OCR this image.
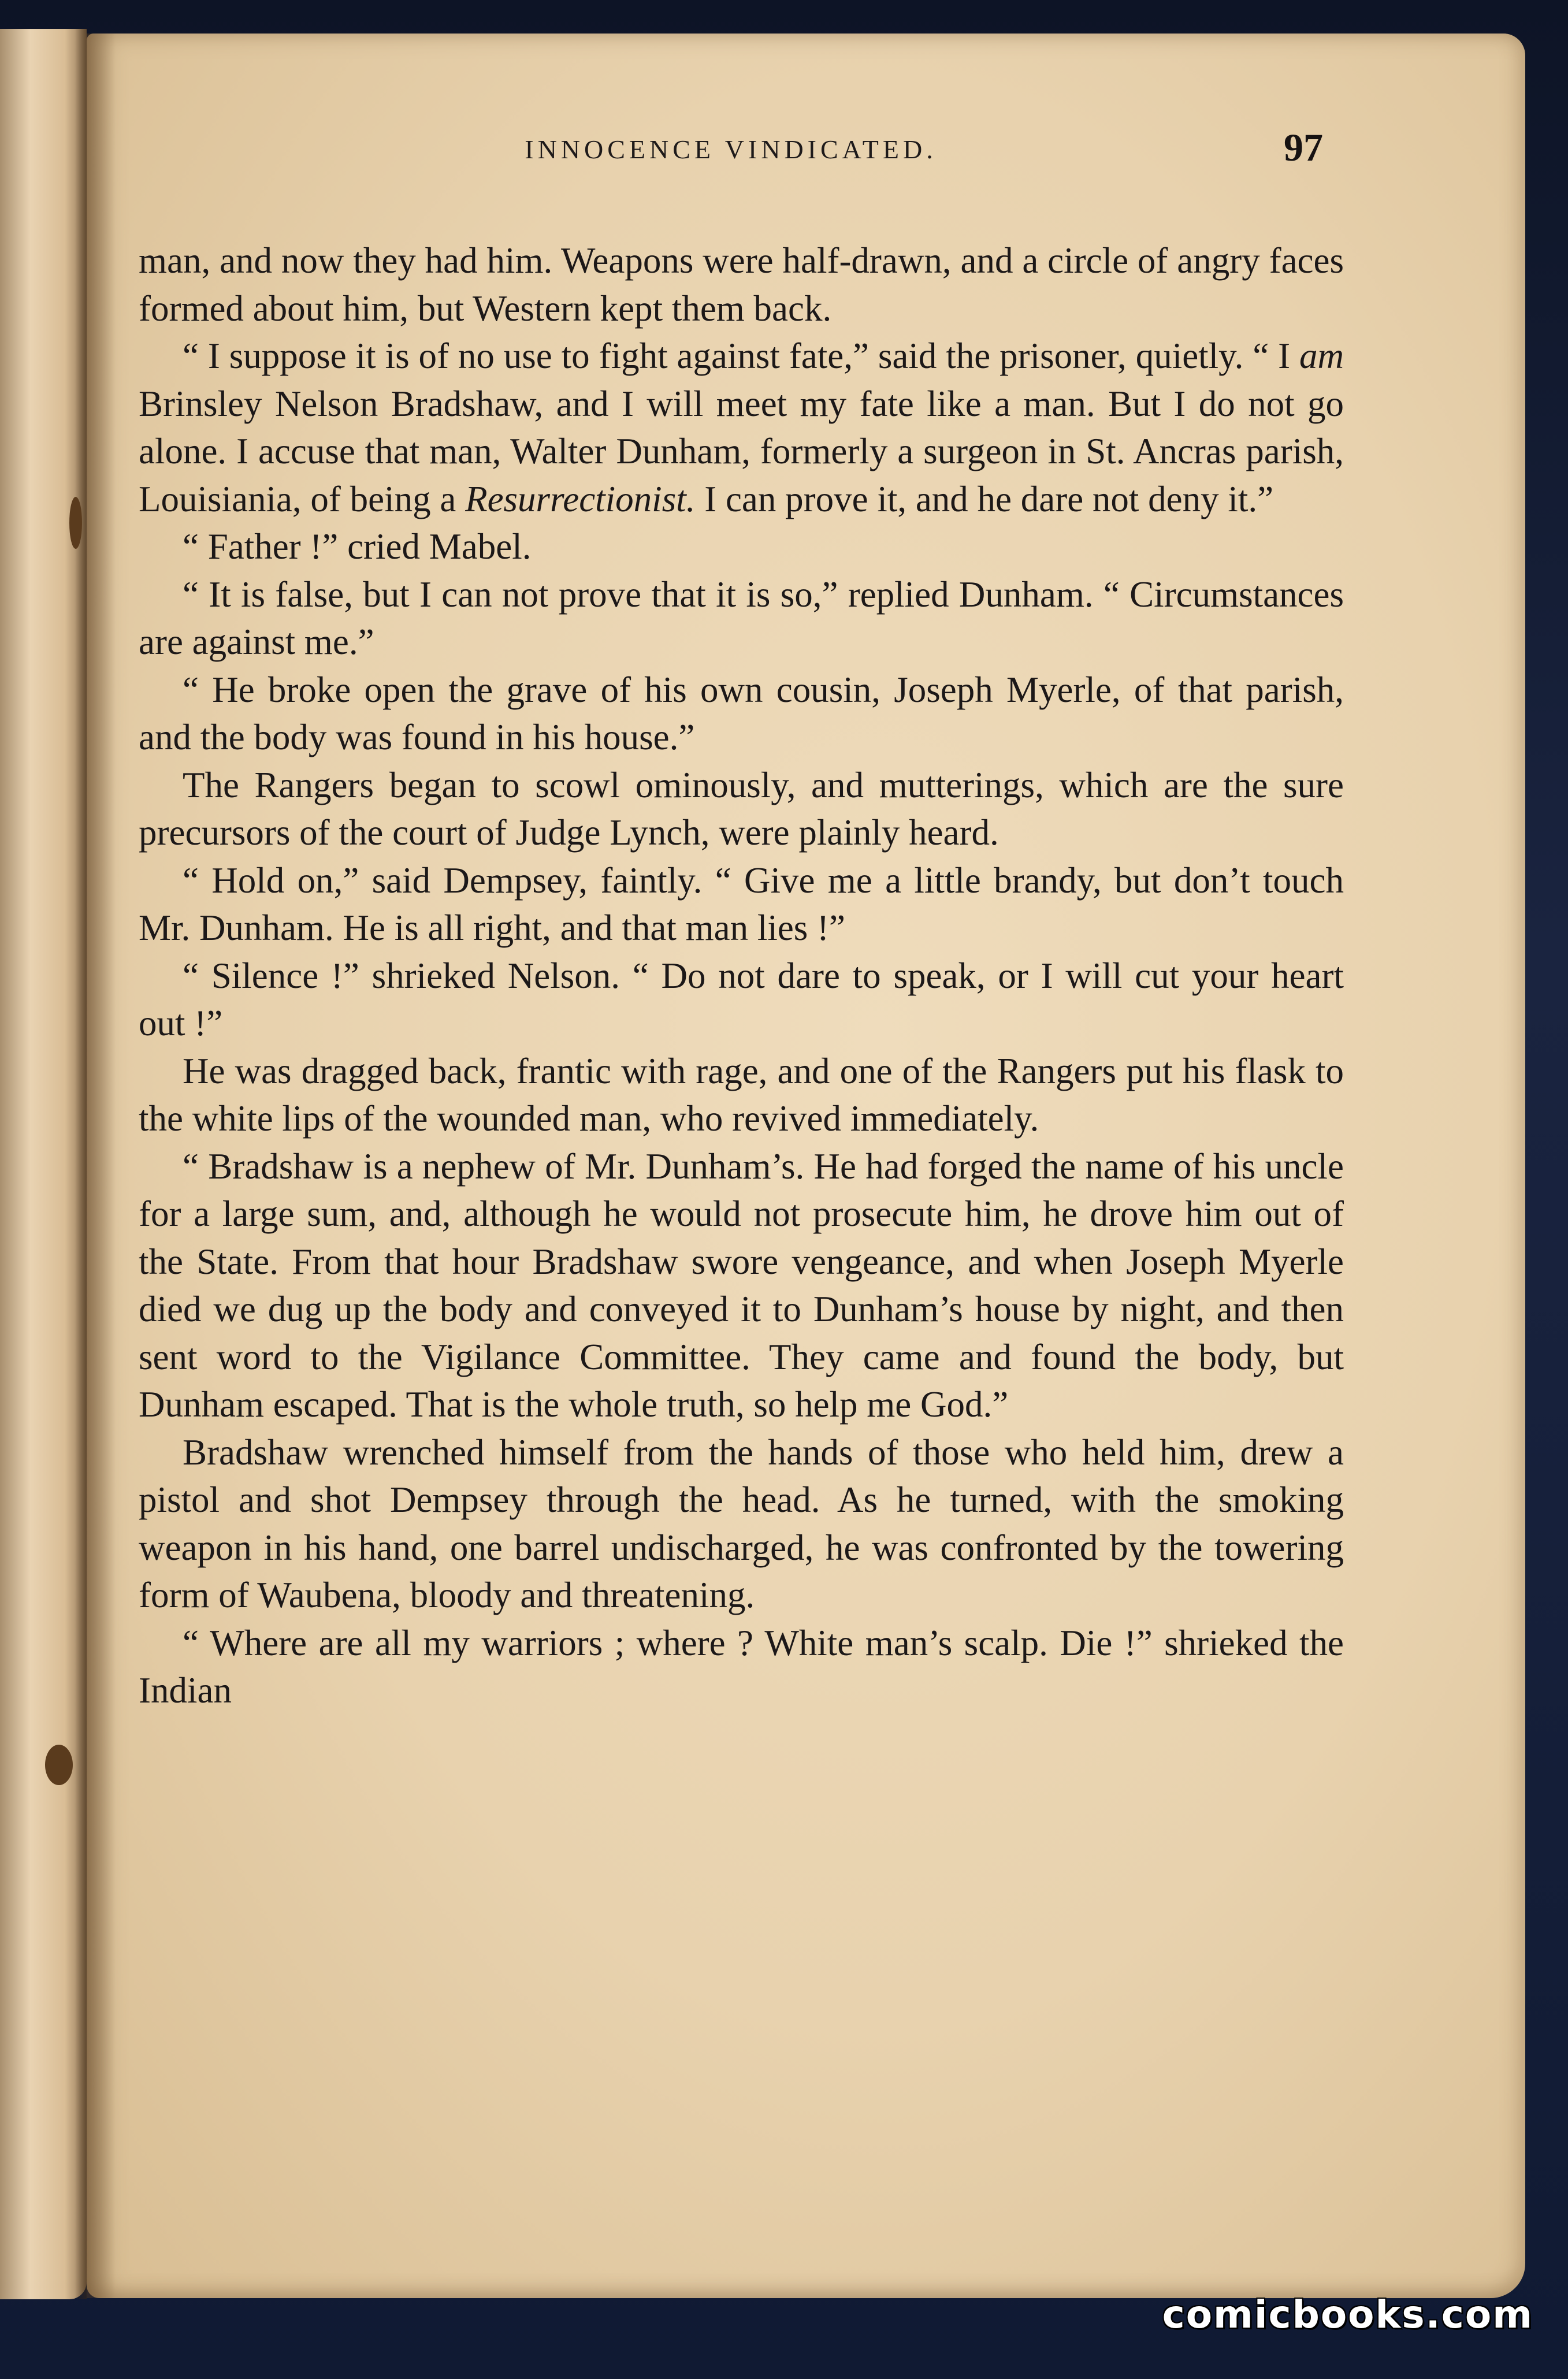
INNOCENCE VINDICATED.	97

man, and now they had him. Weapons were half-drawn, and a circle of angry faces formed about him, but Western kept them back.

“ I suppose it is of no use to fight against fate,” said the prisoner, quietly. “ I am Brinsley Nelson Bradshaw, and I will meet my fate like a man. But I do not go alone. I accuse that man, Walter Dunham, formerly a surgeon in St. Ancras parish, Louisiania, of being a Resurrectionist. I can prove it, and he dare not deny it.”

“ Father !” cried Mabel.

“ It is false, but I can not prove that it is so,” replied Dunham. “ Circumstances are against me.”

“ He broke open the grave of his own cousin, Joseph Myerle, of that parish, and the body was found in his house.”

The Rangers began to scowl ominously, and mutterings, which are the sure precursors of the court of Judge Lynch, were plainly heard.

“ Hold on,” said Dempsey, faintly. “ Give me a little brandy, but don’t touch Mr. Dunham. He is all right, and that man lies !”

“ Silence !” shrieked Nelson. “ Do not dare to speak, or I will cut your heart out !”

He was dragged back, frantic with rage, and one of the Rangers put his flask to the white lips of the wounded man, who revived immediately.

“ Bradshaw is a nephew of Mr. Dunham’s. He had forged the name of his uncle for a large sum, and, although he would not prosecute him, he drove him out of the State. From that hour Bradshaw swore vengeance, and when Joseph Myerle died we dug up the body and conveyed it to Dunham’s house by night, and then sent word to the Vigilance Committee. They came and found the body, but Dunham escaped. That is the whole truth, so help me God.”

Bradshaw wrenched himself from the hands of those who held him, drew a pistol and shot Dempsey through the head. As he turned, with the smoking weapon in his hand, one barrel undischarged, he was confronted by the towering form of Waubena, bloody and threatening.

“ Where are all my warriors ; where ? White man’s scalp. Die !” shrieked the Indian

comicbooks.com
